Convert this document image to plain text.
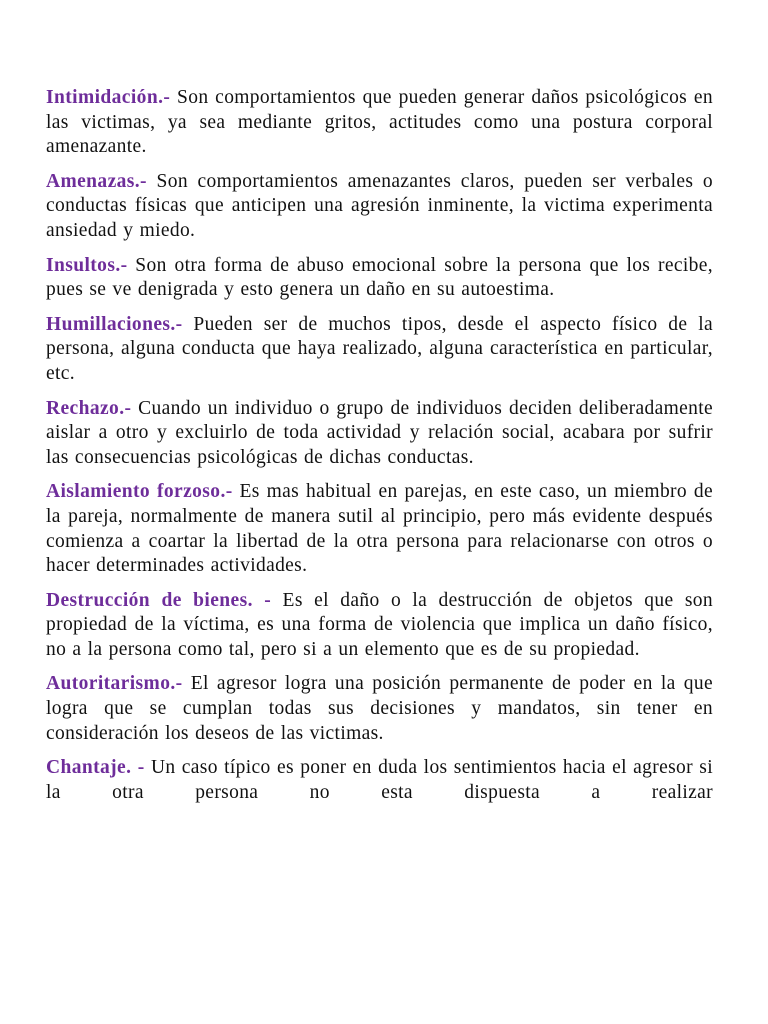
Intimidación.- Son comportamientos que pueden generar daños psicológicos en las victimas, ya sea mediante gritos, actitudes como una postura corporal amenazante.

Amenazas.- Son comportamientos amenazantes claros, pueden ser verbales o conductas físicas que anticipen una agresión inminente, la victima experimenta ansiedad y miedo.

Insultos.- Son otra forma de abuso emocional sobre la persona que los recibe, pues se ve denigrada y esto genera un daño en su autoestima.

Humillaciones.- Pueden ser de muchos tipos, desde el aspecto físico de la persona, alguna conducta que haya realizado, alguna característica en particular, etc.

Rechazo.- Cuando un individuo o grupo de individuos deciden deliberadamente aislar a otro y excluirlo de toda actividad y relación social, acabara por sufrir las consecuencias psicológicas de dichas conductas.

Aislamiento forzoso.- Es mas habitual en parejas, en este caso, un miembro de la pareja, normalmente de manera sutil al principio, pero más evidente después comienza a coartar la libertad de la otra persona para relacionarse con otros o hacer determinades actividades.

Destrucción de bienes. - Es el daño o la destrucción de objetos que son propiedad de la víctima, es una forma de violencia que implica un daño físico, no a la persona como tal, pero si a un elemento que es de su propiedad.

Autoritarismo.- El agresor logra una posición permanente de poder en la que logra que se cumplan todas sus decisiones y mandatos, sin tener en consideración los deseos de las victimas.

Chantaje. - Un caso típico es poner en duda los sentimientos hacia el agresor si la otra persona no esta dispuesta a realizar
